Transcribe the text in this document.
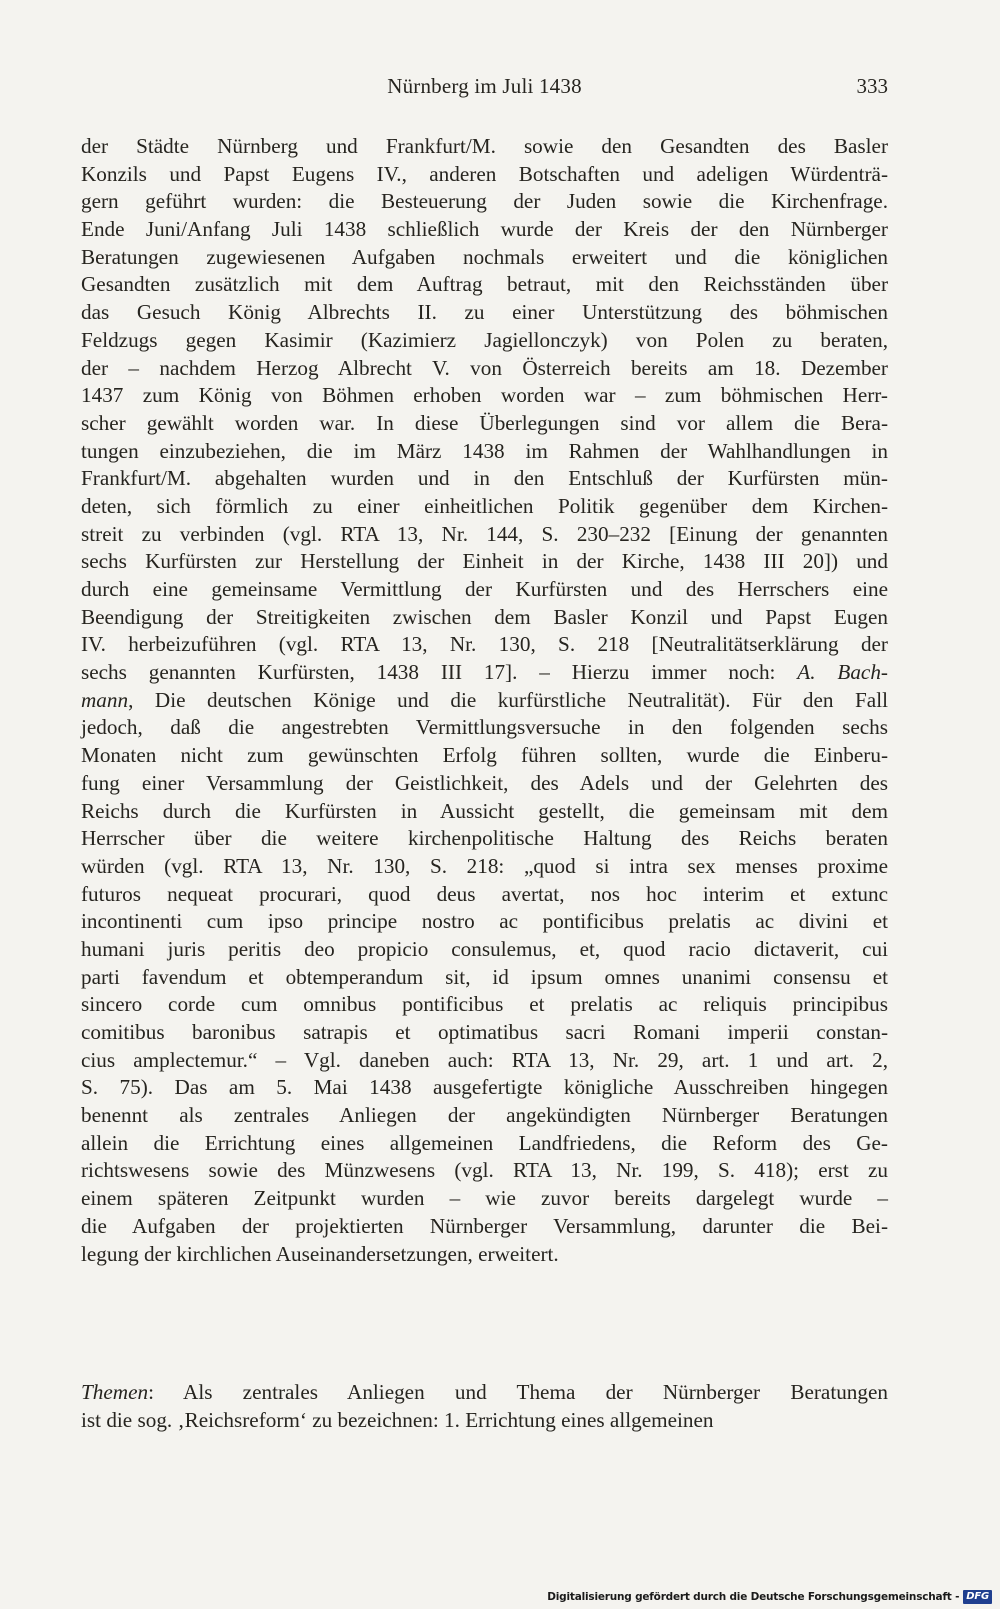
Nürnberg im Juli 1438	333
der Städte Nürnberg und Frankfurt/M. sowie den Gesandten des Basler
Konzils und Papst Eugens IV., anderen Botschaften und adeligen Würdenträ-
gern geführt wurden: die Besteuerung der Juden sowie die Kirchenfrage.
Ende Juni/Anfang Juli 1438 schließlich wurde der Kreis der den Nürnberger
Beratungen zugewiesenen Aufgaben nochmals erweitert und die königlichen
Gesandten zusätzlich mit dem Auftrag betraut, mit den Reichsständen über
das Gesuch König Albrechts II. zu einer Unterstützung des böhmischen
Feldzugs gegen Kasimir (Kazimierz Jagiellonczyk) von Polen zu beraten,
der – nachdem Herzog Albrecht V. von Österreich bereits am 18. Dezember
1437 zum König von Böhmen erhoben worden war – zum böhmischen Herr-
scher gewählt worden war. In diese Überlegungen sind vor allem die Bera-
tungen einzubeziehen, die im März 1438 im Rahmen der Wahlhandlungen in
Frankfurt/M. abgehalten wurden und in den Entschluß der Kurfürsten mün-
deten, sich förmlich zu einer einheitlichen Politik gegenüber dem Kirchen-
streit zu verbinden (vgl. RTA 13, Nr. 144, S. 230–232 [Einung der genannten
sechs Kurfürsten zur Herstellung der Einheit in der Kirche, 1438 III 20]) und
durch eine gemeinsame Vermittlung der Kurfürsten und des Herrschers eine
Beendigung der Streitigkeiten zwischen dem Basler Konzil und Papst Eugen
IV. herbeizuführen (vgl. RTA 13, Nr. 130, S. 218 [Neutralitätserklärung der
sechs genannten Kurfürsten, 1438 III 17]. – Hierzu immer noch: A. Bach-
mann, Die deutschen Könige und die kurfürstliche Neutralität). Für den Fall
jedoch, daß die angestrebten Vermittlungsversuche in den folgenden sechs
Monaten nicht zum gewünschten Erfolg führen sollten, wurde die Einberu-
fung einer Versammlung der Geistlichkeit, des Adels und der Gelehrten des
Reichs durch die Kurfürsten in Aussicht gestellt, die gemeinsam mit dem
Herrscher über die weitere kirchenpolitische Haltung des Reichs beraten
würden (vgl. RTA 13, Nr. 130, S. 218: „quod si intra sex menses proxime
futuros nequeat procurari, quod deus avertat, nos hoc interim et extunc
incontinenti cum ipso principe nostro ac pontificibus prelatis ac divini et
humani juris peritis deo propicio consulemus, et, quod racio dictaverit, cui
parti favendum et obtemperandum sit, id ipsum omnes unanimi consensu et
sincero corde cum omnibus pontificibus et prelatis ac reliquis principibus
comitibus baronibus satrapis et optimatibus sacri Romani imperii constan-
cius amplectemur.“ – Vgl. daneben auch: RTA 13, Nr. 29, art. 1 und art. 2,
S. 75). Das am 5. Mai 1438 ausgefertigte königliche Ausschreiben hingegen
benennt als zentrales Anliegen der angekündigten Nürnberger Beratungen
allein die Errichtung eines allgemeinen Landfriedens, die Reform des Ge-
richtswesens sowie des Münzwesens (vgl. RTA 13, Nr. 199, S. 418); erst zu
einem späteren Zeitpunkt wurden – wie zuvor bereits dargelegt wurde –
die Aufgaben der projektierten Nürnberger Versammlung, darunter die Bei-
legung der kirchlichen Auseinandersetzungen, erweitert.
Themen: Als zentrales Anliegen und Thema der Nürnberger Beratungen
ist die sog. ‚Reichsreform‘ zu bezeichnen: 1. Errichtung eines allgemeinen
Digitalisierung gefördert durch die Deutsche Forschungsgemeinschaft - DFG
